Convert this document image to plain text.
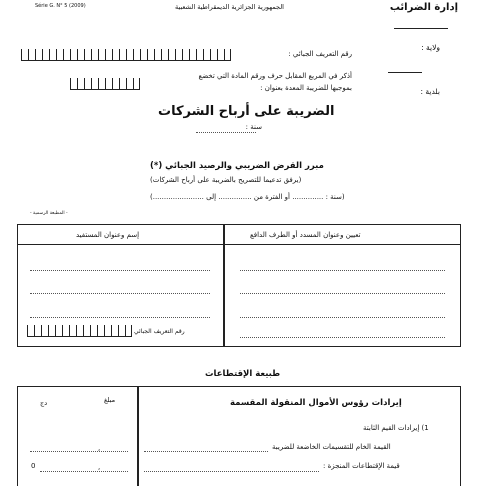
Série G. N° 5 (2009)	الجمهورية الجزائرية الديمقراطية الشعبية	إدارة الضرائب
ولاية :
بلدية :
رقم التعريف الجبائي :
أذكر في المربع المقابل حرف ورقم المادة التي تخضع
بموجبها للضريبة المعدة بعنوان :
الضريبة على أرباح الشركات
سنة :
مبرر القرض الضريبي والرصيد الجبائي (*)
(يرفق تدعيما للتصريح بالضريبة على أرباح الشركات)
(سنة : .............. أو الفترة من ............... إلى .......................)
- المطبعة الرسمية -
تعيين وعنوان المسدد أو الطرف الدافع
إسم وعنوان المستفيد
رقم التعريف الجبائي
طبيعة الإقتطاعات
إيرادات رؤوس الأموال المنقولة المقسمة
مبلغ
دج
1) إيرادات القيم الثابتة
القيمة الخام للتقسيمات الخاضعة للضريبة
,
قيمة الإقتطاعات المنجزة :
,
0
